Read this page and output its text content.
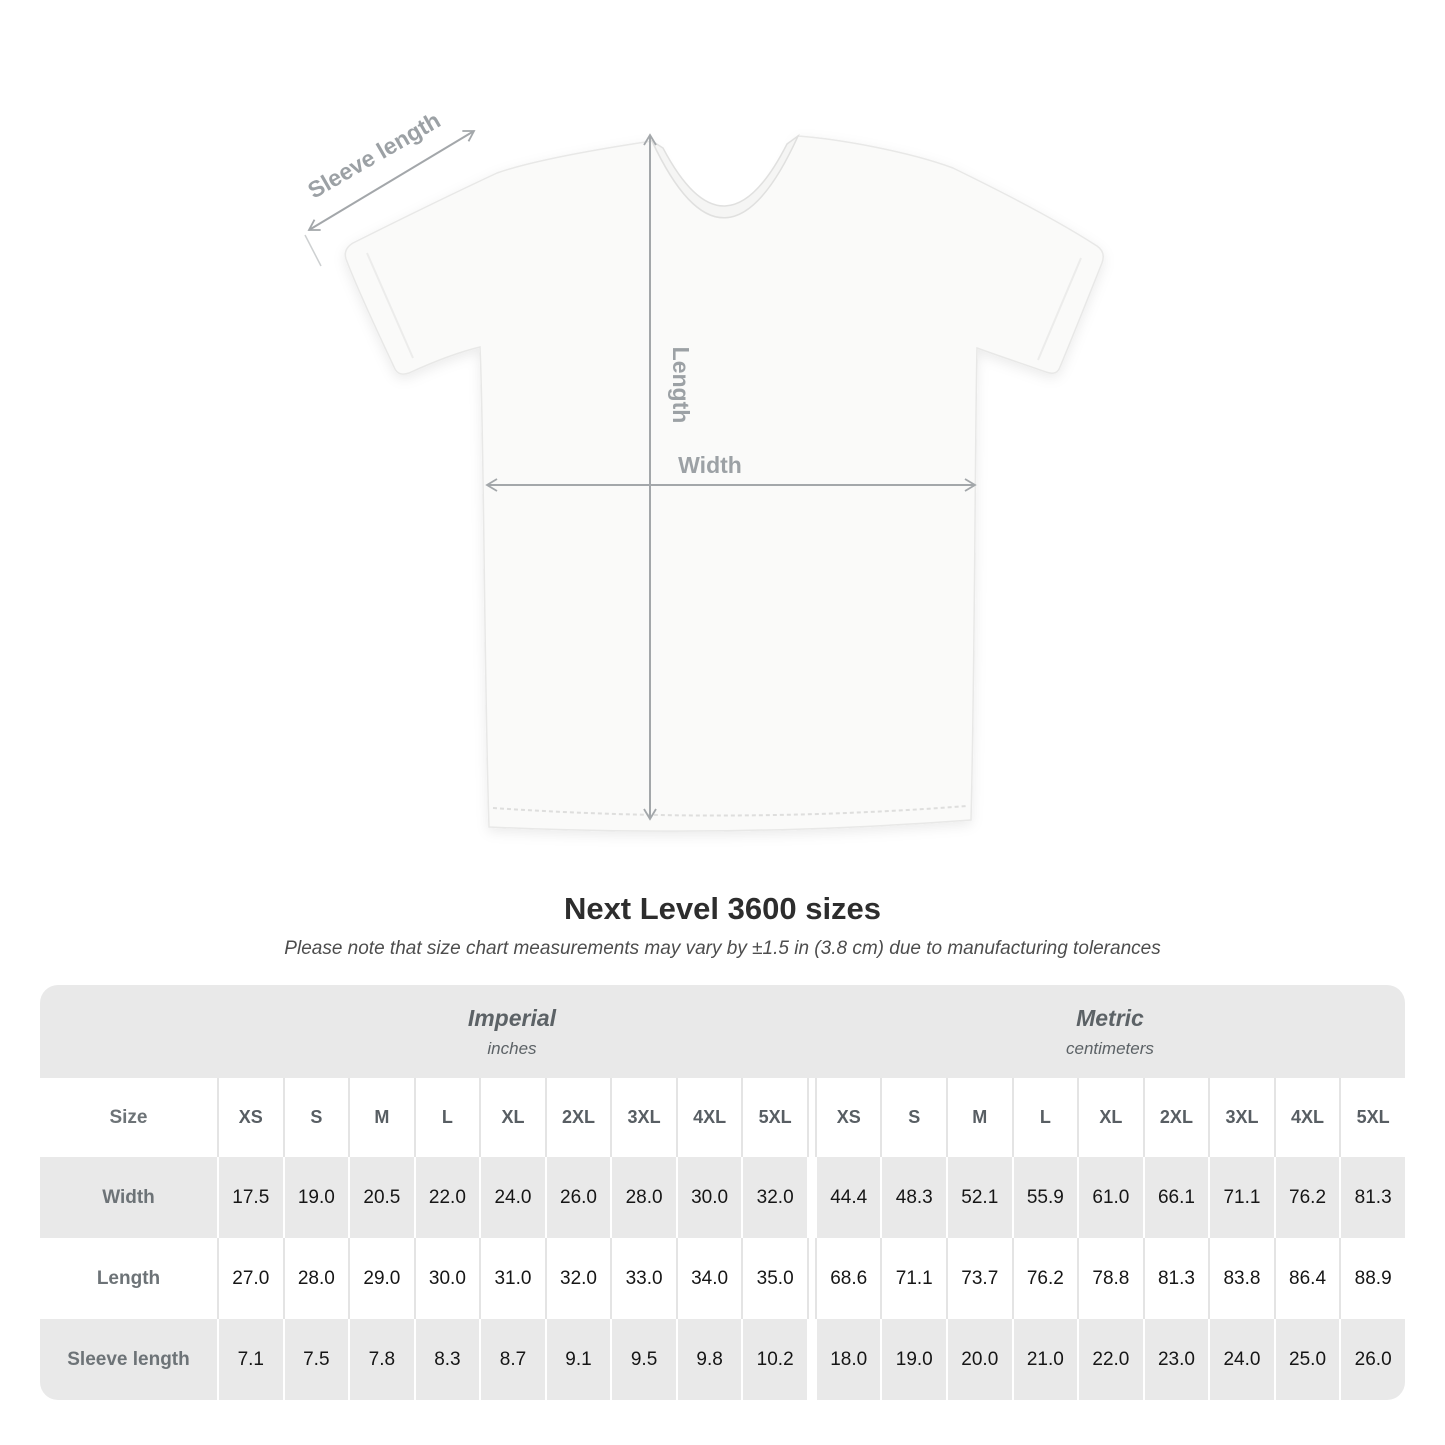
Sleeve length
Length
Width
Next Level 3600 sizes
Please note that size chart measurements may vary by ±1.5 in (3.8 cm) due to manufacturing tolerances

Imperial
inches

Metric
centimeters

Size	XS	S	M	L	XL	2XL	3XL	4XL	5XL		XS	S	M	L	XL	2XL	3XL	4XL	5XL
Width	17.5	19.0	20.5	22.0	24.0	26.0	28.0	30.0	32.0		44.4	48.3	52.1	55.9	61.0	66.1	71.1	76.2	81.3
Length	27.0	28.0	29.0	30.0	31.0	32.0	33.0	34.0	35.0		68.6	71.1	73.7	76.2	78.8	81.3	83.8	86.4	88.9
Sleeve length	7.1	7.5	7.8	8.3	8.7	9.1	9.5	9.8	10.2		18.0	19.0	20.0	21.0	22.0	23.0	24.0	25.0	26.0
